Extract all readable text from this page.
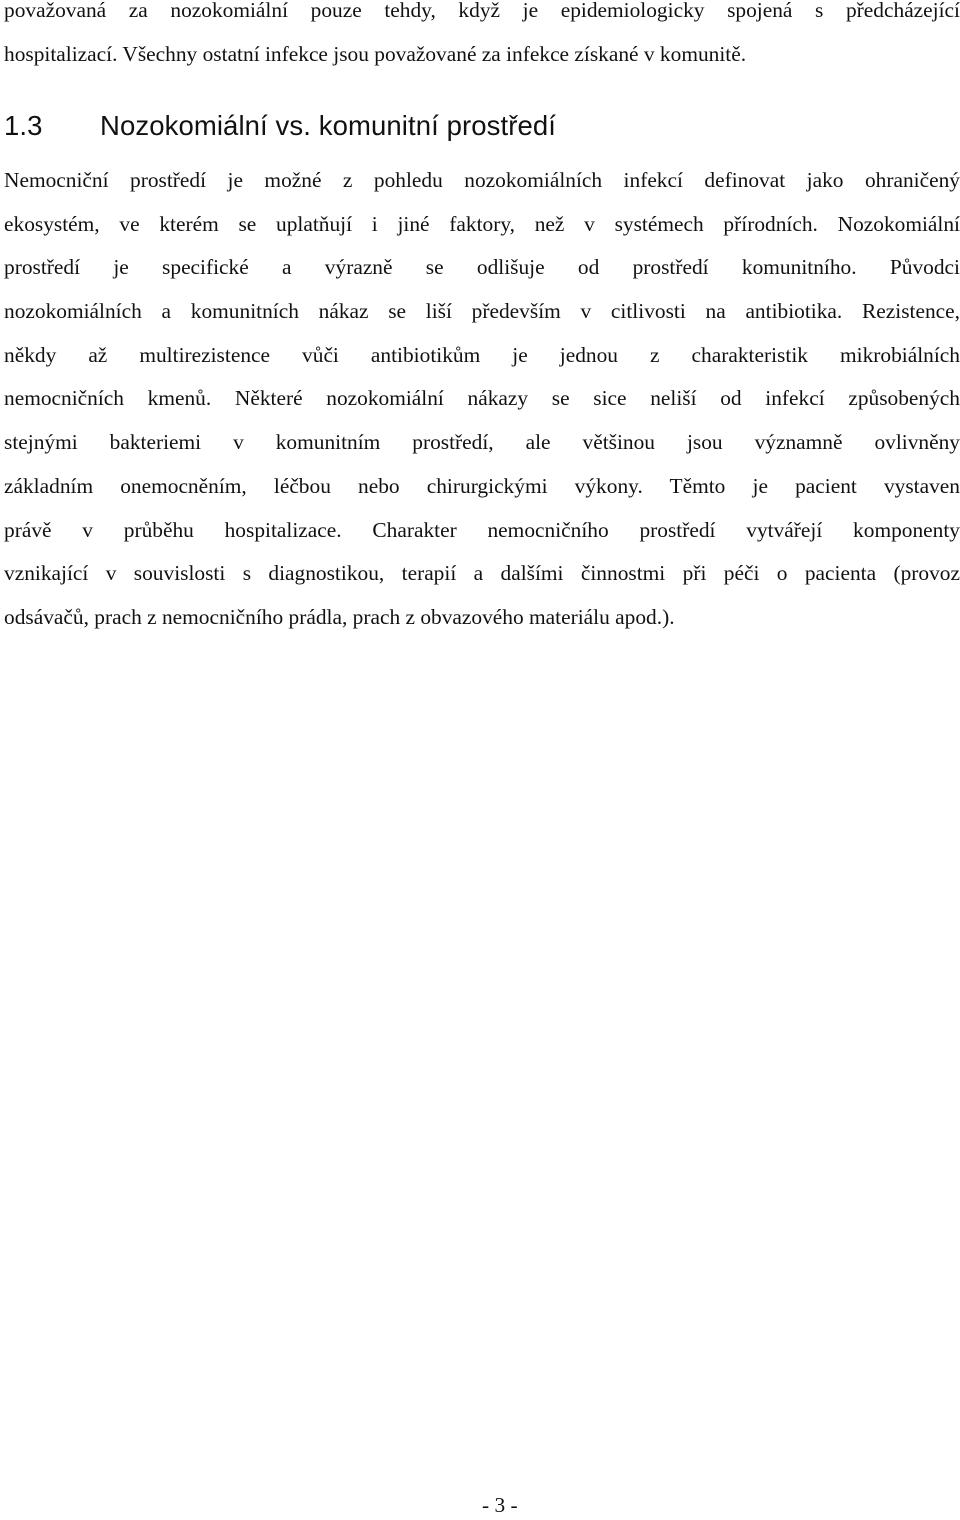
považovaná za nozokomiální pouze tehdy, když je epidemiologicky spojená s předcházející
hospitalizací. Všechny ostatní infekce jsou považované za infekce získané v komunitě.

1.3 Nozokomiální vs. komunitní prostředí

Nemocniční prostředí je možné z pohledu nozokomiálních infekcí definovat jako ohraničený
ekosystém, ve kterém se uplatňují i jiné faktory, než v systémech přírodních. Nozokomiální
prostředí je specifické a výrazně se odlišuje od prostředí komunitního. Původci
nozokomiálních a komunitních nákaz se liší především v citlivosti na antibiotika. Rezistence,
někdy až multirezistence vůči antibiotikům je jednou z charakteristik mikrobiálních
nemocničních kmenů. Některé nozokomiální nákazy se sice neliší od infekcí způsobených
stejnými bakteriemi v komunitním prostředí, ale většinou jsou významně ovlivněny
základním onemocněním, léčbou nebo chirurgickými výkony. Těmto je pacient vystaven
právě v průběhu hospitalizace. Charakter nemocničního prostředí vytvářejí komponenty
vznikající v souvislosti s diagnostikou, terapií a dalšími činnostmi při péči o pacienta (provoz
odsávačů, prach z nemocničního prádla, prach z obvazového materiálu apod.).

- 3 -
